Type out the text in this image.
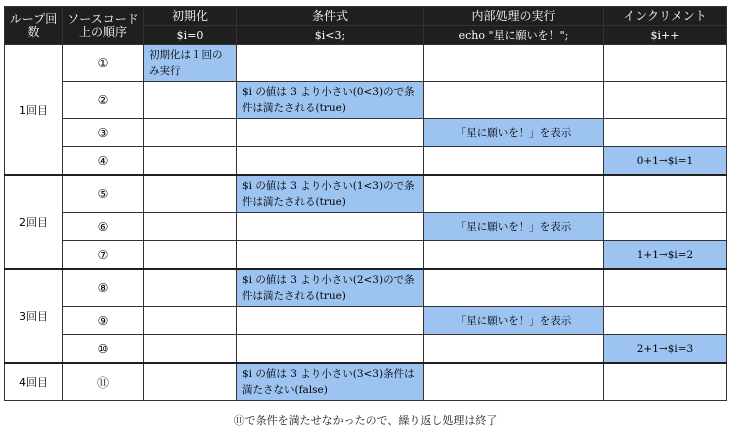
ループ回数	ソースコード上の順序	初期化	条件式	内部処理の実行	インクリメント
		$i=0	$i<3;	echo "星に願いを！";	$i++
1回目	①	初期化は１回のみ実行			

	②		$i の値は 3 より小さい(0<3)ので条件は満たされる(true)		

	③			「星に願いを！」を表示	

	④				0+1→$i=1

2回目	⑤		$i の値は 3 より小さい(1<3)ので条件は満たされる(true)		

	⑥			「星に願いを！」を表示	

	⑦				1+1→$i=2

3回目	⑧		$i の値は 3 より小さい(2<3)ので条件は満たされる(true)		

	⑨			「星に願いを！」を表示	

	⑩				2+1→$i=3

4回目	⑪		$i の値は 3 より小さい(3<3)条件は満たさない(false)		

⑪で条件を満たせなかったので、繰り返し処理は終了
